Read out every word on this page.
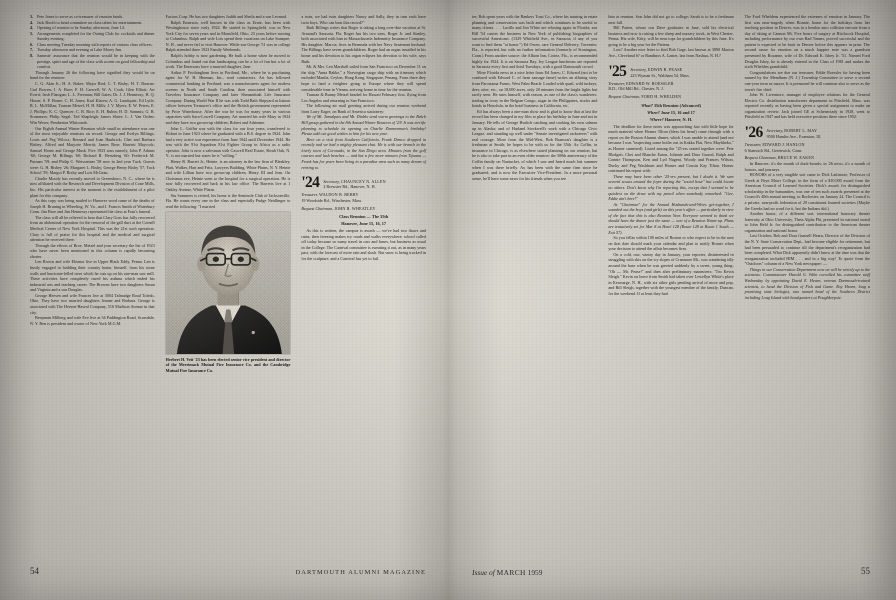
3. Pete Jones to serve as co-treasurer of reunion funds.
4. Jack Booth to head committee on class talent for entertainment.
4. Opening of reunion to be Sunday afternoon, June 14.
5. Arrangements completed for the Outing Club for cocktails and dinner Sunday evening.
6. Class meeting Tuesday morning with reports of various class officers.
7. Tuesday afternoon and evening at Lake Morey Inn.
8. Sammie' assurance that the reunion would be in keeping with the prestige, spirit and age of the class with accent on good fellowship and comfort.

Through January 26 the following have signified they would be on hand for the reunion:

C. G. Akin Jr.; H. A. Baker; Major Bird; C. T. Bixby; H. T. Bourne; Carl Bowen; J. A. Broe; F. H. Carwell; W. A. Cook; Glen Elliott; Art Everit; Irish Flanigan; L. L. Freeman; Bill Gates; Dr. J. J. Hennessy; H. Q. Horne; S. P. Horne; C. H. Jones; Karl Klaren; A. G. Lundquist; Ed Lytle; R. L. McMillan; Truman Metzel; H. H. Mills; J. V. Myers; E. W. Peters; E. J. Phillips; K. C. Quencer; C. B. Rice; E. H. Rubin; H. D. Sammis; G. R. Scammon; Philip Segal; Ted Shapleigh; James Slater; L. J. Van Orden; Win Weser; Pemberton Whitcomb.

Our Eighth Annual Winter Reunion while small in attendance was one of the most enjoyable reunions on record. George and Evelyn Billings; Louis and Peg Wilcox; Bernard and Joan Haubrick; Chet and Barbara Bisbey; Alfred and Marjorie Merritt; James Broe; Harriett Maycock; Samuel Horne and George Musk. Five 1923 sons namely, John P. Adams '60; George M. Billings '60; Richard R. Hertzberg '60; Frederick M. Putnam '59; and Philip C. Weissteiner '58 now in 2nd year Tuck. Guests were: G. H. Bisbey '26; Margaret L. Bixby; George Henry Bixby '57, Tuck School '59; Margot P. Bixby and Lois McGeau.

Charlie Moody has recently moved to Greensboro, N. C., where he is now affiliated with the Research and Development Division of Cone Mills, Inc. His particular interest at the moment is the establishment of a pilot plant for this company.

As this copy was being mailed to Hanover word came of the deaths of Joseph H. Bruning in Wheeling, W. Va., and J. Francis Smith of Waterbury Conn. Jim Broe and Jim Hennessy represented the class at Fran's funeral.

The class will all be relieved to hear that Clary Goss has fully recovered from an abdominal operation for the removal of the gall duct at the Cornell Medical Center of New York Hospital. This was the 21st such operation. Clary is full of praise for this hospital and the medical and surgical attention he received there.

Through the efforts of Broe, Metzel and your secretary the list of 1923 who have never been mentioned in this column is rapidly becoming shorter.

Len Brown and wife Eleanor live in Upper Black Eddy, Penna. Len is busily engaged in building their country home, himself, from his stone walls and hurricane-felled trees which he cuts up on his one-man saw mill. These activities have completely cured his asthma which ended his industrial arts and teaching career. The Browns have two daughters Susan and Virginia and a son Douglas.

George Heesen and wife Frances live at 3004 Talmadge Road Toledo, Ohio. They have two married daughters Jeanne and Barbara. George is associated with The Heesen-Haseal Company, 516 Madison Avenue in that city.

Benjamin Milberg and wife Eve live at 54 Paddington Road, Scarsdale, N. Y. Ben is president and owner of New York M.G.M.

Factors Corp. He has two daughters Judith and Sheila and a son Leonard.

Ralph Emerson, well known in the class as Ernie, has been with Westinghouse since early 1924. He started in Springfield, was in New York City for seven years and in Mansfield, Ohio, 23 years before moving to Columbus. Ralph and wife Lois spend their vacations on Lake Sunapee, N. H., and never fail to visit Hanover. While son George '51 was in college Ralph attended three 1923 Family Weekends.

Ralph's hobby is now gardening. He built a home when he moved to Columbus and found out that landscaping can be a lot of fun but a lot of work. The Emersons have a married daughter, Jane.

Arthur P. Frothingham lives in Portland, Me., where he is purchasing agent for W. H. Hinman, Inc., road contractors. Art has followed commercial banking in Portland, was a manufacturers agent for rustless screens in North and South Carolina, then associated himself with Travelers Insurance Company and later Shenandoah Life Insurance Company. During World War II he was with Todd Bath Shipyard as liaison officer between Treasurer's office and the British government represented by Price Waterhouse. After the war he was for many years in various capacities with Saco-Lowell Company. Art married his wife Mary in 1924 and they have two grown-up children, Robert and Adrienne.

John L. Griffin was with the class for our four years, transferred to Hobart in June 1923 where he graduated with a B.S. degree in 1924. John had a very active war experience from June 1942 until December 1944. He was with the 91st Squadron 81st Fighter Group in Africa as a radio operator. John is now a salesman with Caswell Real Estate, Shrub Oak, N. Y., is not married but states he is "willing."

Henry R. Barrett Jr., Heinie, is an attorney in the law firm of Bleakley, Platt, Walker, Hart and Fritz, Lawyers Building, White Plains, N. Y. Heinie and wife Lillian have two grown-up children, Henry III and Jean. On Christmas eve, Heinie went to the hospital for a surgical operation. He is now fully recovered and back in his law office. The Barretts live at 1 Oakley Avenue, White Plains.

Stu Summers is retired, his home is the Seminole Club of Jacksonville, Fla. He wants every one in the class and especially Pudge Neidlinger to read the following: "I married

Herbert H. Veit '23 has been elected senior vice president and director of the Merrimack Mutual Fire Insurance Co. and the Cambridge Mutual Fire Insurance Co.

a twin, we had twin daughters Nancy and Sally, they in turn each have twin boys. Who can beat this record?"

Ruth Billings writes that Roger is taking a long over-due vacation at St. Armand's Sarasota, Fla. Roger has his two sons, Roger Jr. and Stanley, both associated with him in Massachusetts Indemnity Insurance Company. His daughter, Marcia, lives in Bermuda with her Navy lieutenant husband. The Billings have seven grandchildren. Roger had an organ installed in his home and his devotion to his organ eclipses his devotion to his wife, says Ruth.

Mr. & Mrs. Len Marshall sailed from San Francisco on December 11 on the ship "Anna Bakke," a Norwegian cargo ship with an itinerary which included Manila, Ceylon, Hong Kong, Singapore, Penang. From there they hope to land a freighter going to Europe where they will spend considerable time in Vienna, arriving home in time for the reunion.

Truman & Bunny Metzel headed for Hawaii February first, flying from Los Angeles and returning to San Francisco.

The following air mail greeting arrived during our reunion weekend from Larry Eagre, on Bank of America stationery:

We of Mt. Tamalpais and Mt. Diablo send warm greetings to the Balch Hill group gathered in the 8th Annual Winter Reunion of '23! It was terrific planning to schedule its opening on Charlie Zimmerman's birthday! Please add our good wishes to him for his new year.

Here on a visit from Southern California, Frank Demco dropped in recently and we had a mighty pleasant chat. He is with our branch in the lovely town of Coronado, in the San Diego area. Minutes from the golf courses and lush beaches — and but a few more minutes from Tijuana — Frank has for years been living in a paradise area such as many dream of retiring to.

'24 Secretary, CHAUNCEY N. ALLEN
2 Brewster Rd., Hanover, N. H.
Treasurer, WALDON B. BERRY
19 Woodside Rd., Winchester, Mass.
Bequest Chairman, JOHN R. WHEATLEY
Class Reunion — The 35th
Hanover, June 15, 16, 17

As this is written, the campus is awash — we've had two thaws and rains, then freezing makes icy roads and walks everywhere; school called off today because so many travel in cars and buses, but business as usual in the College. The Carnival committee is sweating it out, as in many years past, with the forecast of more rain and slush. But snow is being trucked in for the sculpture, and a Carnival has yet to fail.

54	DARTMOUTH ALUMNI MAGAZINE

ter; Bob spent years with the Bankers Trust Co., where his training in estate planning and conservation was built and which continues to be useful to many clients. . . . Lucille and Jim White are relaxing again in Florida; son Bill '54 carries the business in New York of publishing biographies of successful Americans. (1329 Whitfield Ave., in Sarasota, if any of you want to find them "at home.") Ed Owen, care General Delivery, Tavernier, Fla., is reported, but with no further information (formerly of Stonington, Conn.) From another source: the Albion Inn, Cortez, Fla., is recommended highly for 1924. It is on Sarasota Bay. Ivy League luncheons are reported in Sarasota every first and third Tuesdays, with a good Dartmouth crowd.

More Florida news in a nice letter from Ed Jones; C. Edward (not to be confused with Edward C. of farm sausage fame) writes an alluring story from Parostama Farms, West Palm Beach: Loaded with quail, wild turkeys, deer, otter, etc., on 18,000 acres, only 20 minutes from the bright lights but rarely seen. He rates himself, with reason, as one of the class's wanderers: trading in ivory in the Belgian Congo, sugar in the Philippines, stocks and bonds in Honolulu, in the hotel business in California, etc.

Ed has always been a one-man show and is glad to know that at last the record has been changed in my files to place his birthday in June and not in January. He tells of George Hurlich catching and cooking his own salmon up in Alaska; and of Harland Stockwell's work with a Chicago Civic League, and standing up well under "Senate investigated rackoteers" with real courage. More from the Mid-West, Bob Branson's daughter is a freshman at Smith; he hopes to be with us for the 35th. Ax Coffin, in insurance in Chicago, is as elsewhere stated planning on our reunion; but he is also to take part in an even older reunion: the 300th anniversary of the Coffin family on Nantucket, of which I saw and heard much last summer when I was there briefly. Ax has been with the same firm since he graduated, and is now the Executive Vice-President. In a more personal sense, he'll have some news for his friends when you see

him at reunion. Son John did not go to college; Sarah is to be a freshman next fall.

Bill Patten, whose son Dave graduates in June, sold his electrical business and now is raising a few sheep and nursery stock, in West Chester, Penna. His wife, Kitty, will be near tops for grandchildren by this June. It's going to be a big year for the Pattens.

Lost? Another nice letter to find Bob Gage, last known at 3890 Marion Ave., Cleveland 6? or Bandinos A. Lanier, last from Nashua, N. H.?

'25 Secretary, EDWIN B. PEASE
223 Wyman St., Waltham 54, Mass.
Treasurer, EDWARD W. ROESSLER
R.D., Old Mill Rd., Chester, N. J.
Bequest Chairman, FORD H. WHELDEN
What? 35th Reunion (Advanced)
When? June 15, 16 and 17
Where? Hanover, N. H.

The deadline for these notes was approaching fast with little hope for much material when Homer Tilton (bless his heart) came through with a report on the Boston Alumni dinner, which I was unable to attend (and not because I was "inspecting some boiler out in Kakka Flat, New Mayhheko," as Homer surmised). Listed among the "25-ers seated together were: Pete Blodgett, Chet and Blanche Eaton, Johnnie and Drue Garrod, Ralph and Connie Thompson, Ken and Lyd Nugent, Woody and Frances Wilson, Ducky and Peg Washburn and Homer and Cousin Kay Tilton. Homer continued his report with:

These may have been other '25-ers present, but I doubt it. We sent several scouts around the foyer during the "social hour" but could locate no others. Don't know why I'm reporting this, except that I seemed to be quickest on the draw with my pencil when somebody remarked: "Gee, Eddie ain't here!"

As "Chairman" for the Annual Husbands-and-Wives get-together, I sounded out the boys (and girls) on this year's affair — particularly in view of the fact that this is also Reunion Year. Everyone seemed to think we should have the dinner just the same — sort of a Reunion Warm-up. Plans are tentatively set for Mar 8 at Hotel 128 (Route 128 at Route 1 South — Exit 57).

So you fellas within 100 miles of Boston or who expect to be in the area on that date should mark your calendar and plan to notify Homer when your decision to attend the affair becomes firm.

On a cold, raw, wintry day in January, your reporter, disinterested in struggling with skis on the icy slopes of Cranmore Mt., was wandering idly around the base when he was greeted suddenly by a sweet, young thing: "Oh — Mr. Pease!" and then after preliminary maneuvers: "I'm Kevin Sleigh." Kevin on leave from Smith had taken over Lewellyn White's place in Kearsarge, N. H., with six other girls pending arrival of more and pop, and Bill Sleigh, together with the youngest member of the family, Duncan, for the weekend. If at least they had

The Ford Wheldens experienced the extremes of emotion in January. The first was near-tragedy when Bonnie, home for the holidays from her teaching position in Denver, was in a headon auto collision enroute from a day of skiing at Cannon Mt. Five hours of surgery at Hitchcock Hospital, including performance by our own Rad Tanner, proved successful and the patient is expected to be back in Denver before this appears in print. The second cause for emotion on a much happier note was a grandson presented by Rosanne, wife of Dr. Edward K. Isbey Jr. '51. Named Ford Douglas Isbey, he is already entered in the Class of 1981 and makes the sixth Whelden grandchild.

Congratulations are due our treasurer, Eddie Roessler for having been named by the Mendham (N. J.) Township Committee to serve a second one-year term as mayor. It is presumed he will continue also to serve as the town's fire chief.

John W. Livermore, manager of employee relations for the General Electric Co. distribution transformer department in Pittsfield, Mass. was reported recently as having been given a special assignment to make an organization review. Jack joined GE at Schenectady in 1928, went to Pittsfield in 1947 and has held executive positions there since 1952.

'26 Secretary, ROBERT L. MAY
9500 Hamlin Ave., Evanston, Ill.
Treasurer, EDWARD J. HANLON
6 Stanwich Rd., Greenwich, Conn.
Bequest Chairman, BRUCE W. EAKEN

In Hanover, it's the month of duck-boards; in '26 news, it's a month of honors, and journeys.

HONORS of a very tangible sort came to Dick Lattimore, Professor of Greek at Bryn Mawr College, in the form of a $10,000 award from the American Council of Learned Societies. Dick's award, for distinguished scholarship in the humanities, was one of ten such awards presented at the Council's 40th annual meeting, in Rochester, on January 24. The Council is a private, non-profit federation of 29 constituent learned societies (Maybe the Greeks had no word for it, but the Indians did.)

Another honor, of a different sort: international honorary theater fraternity at Ohio University, Theta Alpha Phi, presented its national award to John Held Jr. for distinguished contribution to the American theater organization and national honor.

Last October, Bob and Dora Gunnell Hearn, Director of the Division of the N. Y. State Conservation Dept., had become eligible for retirement, but had been persuaded to continue till the department's reorganization had been completed. What Dick apparently didn't know at the time was that the reorganization included HIM . . . and in a big way! To quote from the "Outdoors" column of a New York newspaper: —

Things in our Conservation Department now on will be strictly up to the scientists. Commissioner Harold G. Wilm corralled his committee staff Wednesday by appointing David E. Hearn, veteran Dartmouth-trained scientist, to head the Division of Fish and Game. Roy Hearn, long a promising state biologist, was named head of the Southern District including Long Island with headquarters at Poughkeepsie.

Issue of MARCH 1959	55
